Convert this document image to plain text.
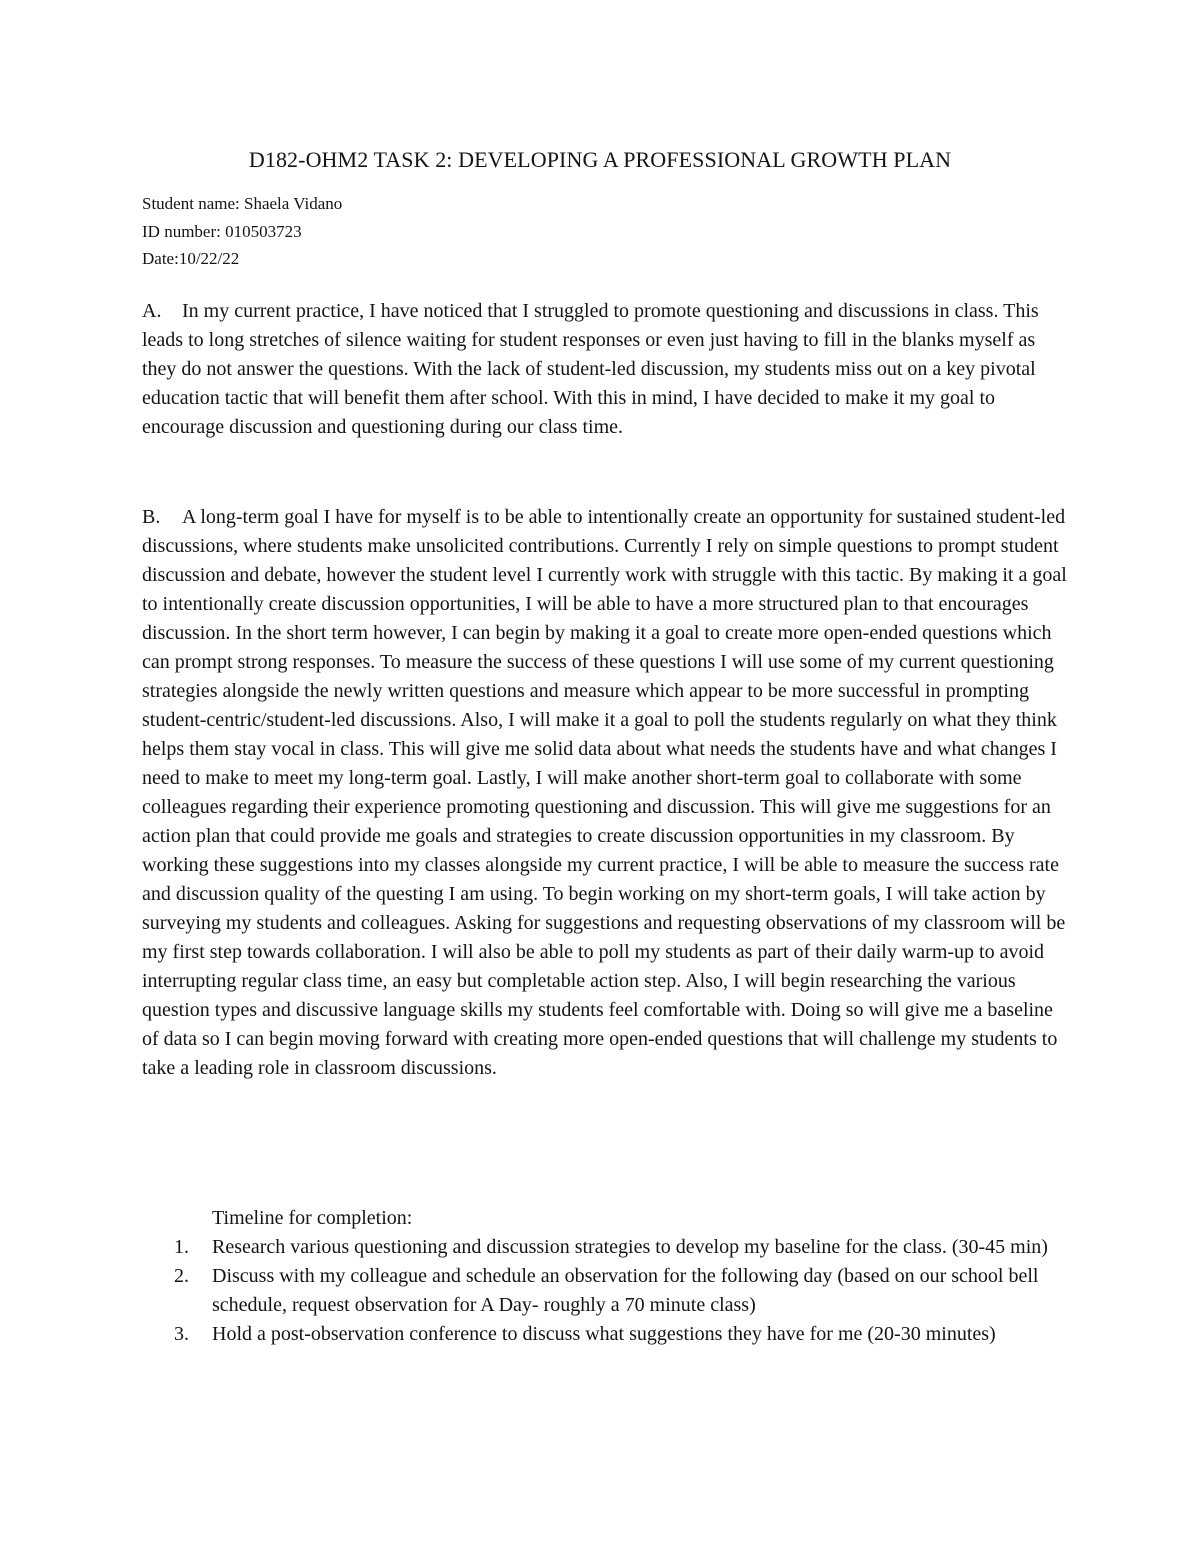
D182-OHM2 TASK 2: DEVELOPING A PROFESSIONAL GROWTH PLAN
Student name: Shaela Vidano
ID number: 010503723
Date:10/22/22

A. In my current practice, I have noticed that I struggled to promote questioning and discussions in class. This leads to long stretches of silence waiting for student responses or even just having to fill in the blanks myself as they do not answer the questions. With the lack of student-led discussion, my students miss out on a key pivotal education tactic that will benefit them after school. With this in mind, I have decided to make it my goal to encourage discussion and questioning during our class time.

B. A long-term goal I have for myself is to be able to intentionally create an opportunity for sustained student-led discussions, where students make unsolicited contributions. Currently I rely on simple questions to prompt student discussion and debate, however the student level I currently work with struggle with this tactic. By making it a goal to intentionally create discussion opportunities, I will be able to have a more structured plan to that encourages discussion. In the short term however, I can begin by making it a goal to create more open-ended questions which can prompt strong responses. To measure the success of these questions I will use some of my current questioning strategies alongside the newly written questions and measure which appear to be more successful in prompting student-centric/student-led discussions. Also, I will make it a goal to poll the students regularly on what they think helps them stay vocal in class. This will give me solid data about what needs the students have and what changes I need to make to meet my long-term goal. Lastly, I will make another short-term goal to collaborate with some colleagues regarding their experience promoting questioning and discussion. This will give me suggestions for an action plan that could provide me goals and strategies to create discussion opportunities in my classroom. By working these suggestions into my classes alongside my current practice, I will be able to measure the success rate and discussion quality of the questing I am using. To begin working on my short-term goals, I will take action by surveying my students and colleagues. Asking for suggestions and requesting observations of my classroom will be my first step towards collaboration. I will also be able to poll my students as part of their daily warm-up to avoid interrupting regular class time, an easy but completable action step. Also, I will begin researching the various question types and discussive language skills my students feel comfortable with. Doing so will give me a baseline of data so I can begin moving forward with creating more open-ended questions that will challenge my students to take a leading role in classroom discussions.

Timeline for completion:
1. Research various questioning and discussion strategies to develop my baseline for the class. (30-45 min)
2. Discuss with my colleague and schedule an observation for the following day (based on our school bell schedule, request observation for A Day- roughly a 70 minute class)
3. Hold a post-observation conference to discuss what suggestions they have for me (20-30 minutes)
